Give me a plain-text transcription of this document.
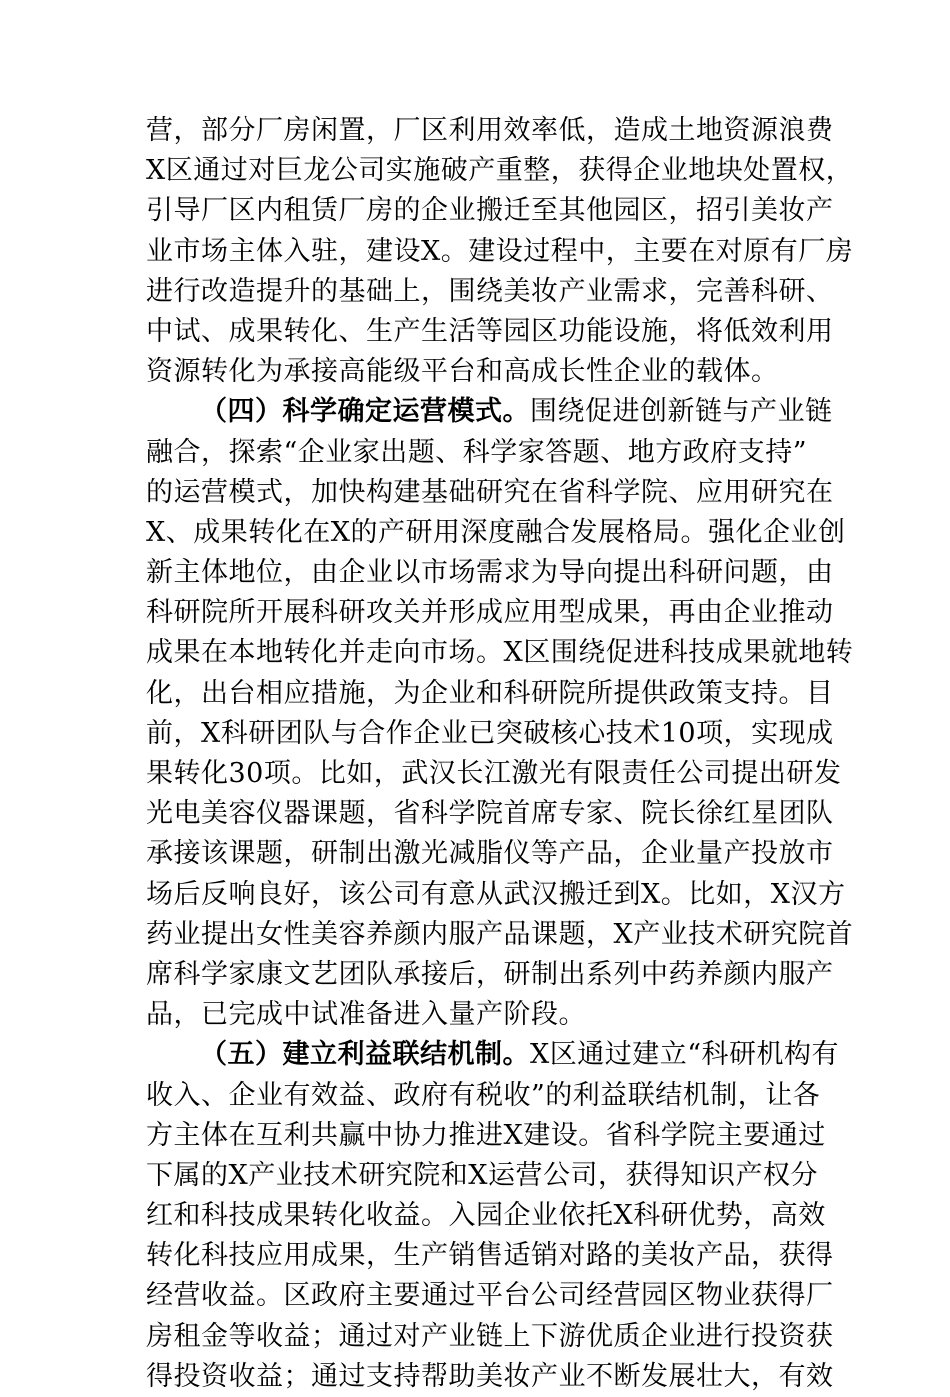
营，部分厂房闲置，厂区利用效率低，造成土地资源浪费
X区通过对巨龙公司实施破产重整，获得企业地块处置权，
引导厂区内租赁厂房的企业搬迁至其他园区，招引美妆产
业市场主体入驻，建设X。建设过程中，主要在对原有厂房
进行改造提升的基础上，围绕美妆产业需求，完善科研、
中试、成果转化、生产生活等园区功能设施，将低效利用
资源转化为承接高能级平台和高成长性企业的载体。
（四）科学确定运营模式。围绕促进创新链与产业链
融合，探索“企业家出题、科学家答题、地方政府支持”
的运营模式，加快构建基础研究在省科学院、应用研究在
X、成果转化在X的产研用深度融合发展格局。强化企业创
新主体地位，由企业以市场需求为导向提出科研问题，由
科研院所开展科研攻关并形成应用型成果，再由企业推动
成果在本地转化并走向市场。X区围绕促进科技成果就地转
化，出台相应措施，为企业和科研院所提供政策支持。目
前，X科研团队与合作企业已突破核心技术10项，实现成
果转化30项。比如，武汉长江激光有限责任公司提出研发
光电美容仪器课题，省科学院首席专家、院长徐红星团队
承接该课题，研制出激光减脂仪等产品，企业量产投放市
场后反响良好，该公司有意从武汉搬迁到X。比如，X汉方
药业提出女性美容养颜内服产品课题，X产业技术研究院首
席科学家康文艺团队承接后，研制出系列中药养颜内服产
品，已完成中试准备进入量产阶段。
（五）建立利益联结机制。X区通过建立“科研机构有
收入、企业有效益、政府有税收”的利益联结机制，让各
方主体在互利共赢中协力推进X建设。省科学院主要通过
下属的X产业技术研究院和X运营公司，获得知识产权分
红和科技成果转化收益。入园企业依托X科研优势，高效
转化科技应用成果，生产销售适销对路的美妆产品，获得
经营收益。区政府主要通过平台公司经营园区物业获得厂
房租金等收益；通过对产业链上下游优质企业进行投资获
得投资收益；通过支持帮助美妆产业不断发展壮大，有效
